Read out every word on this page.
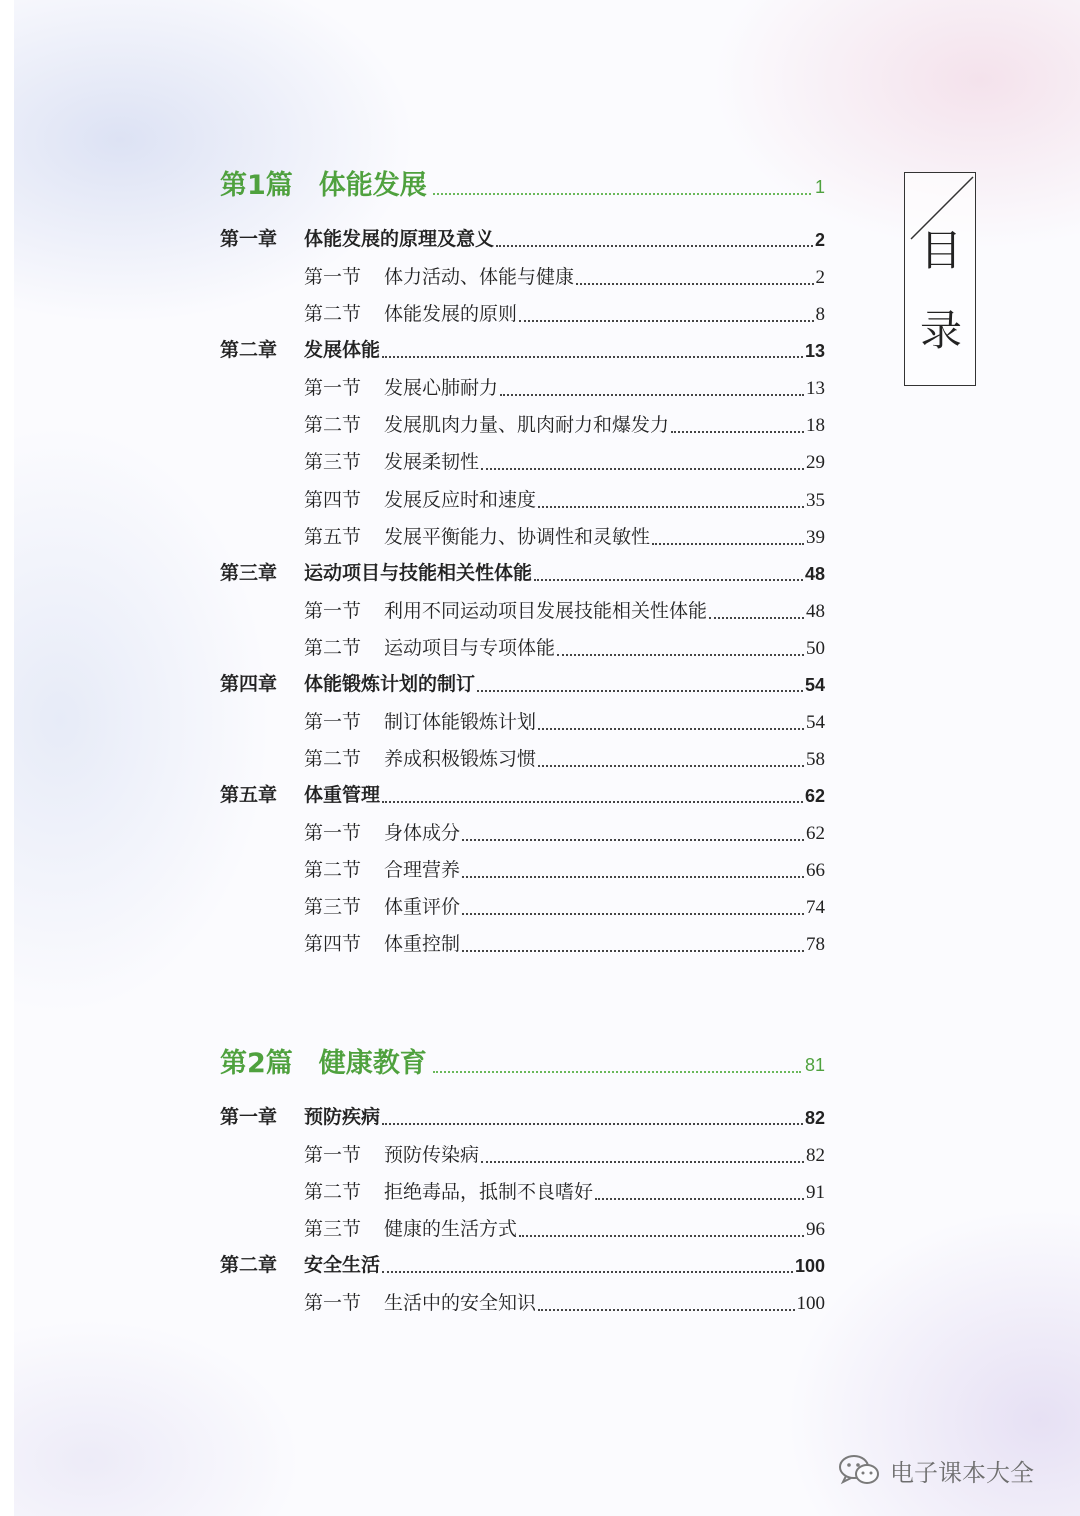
第1篇 体能发展	1
第一章	体能发展的原理及意义	2
第一节	体力活动、体能与健康	2
第二节	体能发展的原则	8
第二章	发展体能	13
第一节	发展心肺耐力	13
第二节	发展肌肉力量、肌肉耐力和爆发力	18
第三节	发展柔韧性	29
第四节	发展反应时和速度	35
第五节	发展平衡能力、协调性和灵敏性	39
第三章	运动项目与技能相关性体能	48
第一节	利用不同运动项目发展技能相关性体能	48
第二节	运动项目与专项体能	50
第四章	体能锻炼计划的制订	54
第一节	制订体能锻炼计划	54
第二节	养成积极锻炼习惯	58
第五章	体重管理	62
第一节	身体成分	62
第二节	合理营养	66
第三节	体重评价	74
第四节	体重控制	78
第2篇 健康教育	81
第一章	预防疾病	82
第一节	预防传染病	82
第二节	拒绝毒品，抵制不良嗜好	91
第三节	健康的生活方式	96
第二章	安全生活	100
第一节	生活中的安全知识	100
目
录
电子课本大全
